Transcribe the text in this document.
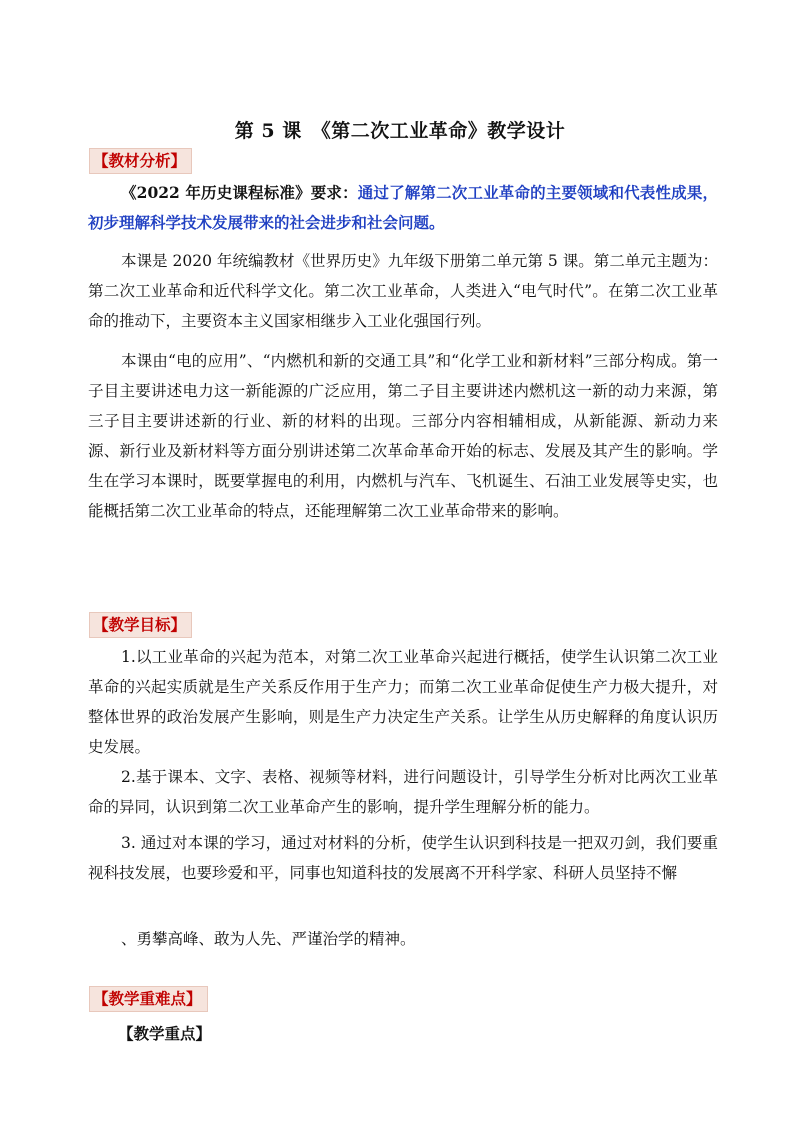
第 5 课　《第二次工业革命》教学设计
【教材分析】
《2022 年历史课程标准》要求：通过了解第二次工业革命的主要领域和代表性成果，初步理解科学技术发展带来的社会进步和社会问题。
本课是 2020 年统编教材《世界历史》九年级下册第二单元第 5 课。第二单元主题为：第二次工业革命和近代科学文化。第二次工业革命，人类进入“电气时代”。在第二次工业革命的推动下，主要资本主义国家相继步入工业化强国行列。
本课由“电的应用”、“内燃机和新的交通工具”和“化学工业和新材料”三部分构成。第一子目主要讲述电力这一新能源的广泛应用，第二子目主要讲述内燃机这一新的动力来源，第三子目主要讲述新的行业、新的材料的出现。三部分内容相辅相成，从新能源、新动力来源、新行业及新材料等方面分别讲述第二次革命革命开始的标志、发展及其产生的影响。学生在学习本课时，既要掌握电的利用，内燃机与汽车、飞机诞生、石油工业发展等史实，也能概括第二次工业革命的特点，还能理解第二次工业革命带来的影响。
【教学目标】
1.以工业革命的兴起为范本，对第二次工业革命兴起进行概括，使学生认识第二次工业革命的兴起实质就是生产关系反作用于生产力；而第二次工业革命促使生产力极大提升，对整体世界的政治发展产生影响，则是生产力决定生产关系。让学生从历史解释的角度认识历史发展。
2.基于课本、文字、表格、视频等材料，进行问题设计，引导学生分析对比两次工业革命的异同，认识到第二次工业革命产生的影响，提升学生理解分析的能力。
3. 通过对本课的学习，通过对材料的分析，使学生认识到科技是一把双刃剑，我们要重视科技发展，也要珍爱和平，同事也知道科技的发展离不开科学家、科研人员坚持不懈
、勇攀高峰、敢为人先、严谨治学的精神。
【教学重难点】
【教学重点】
